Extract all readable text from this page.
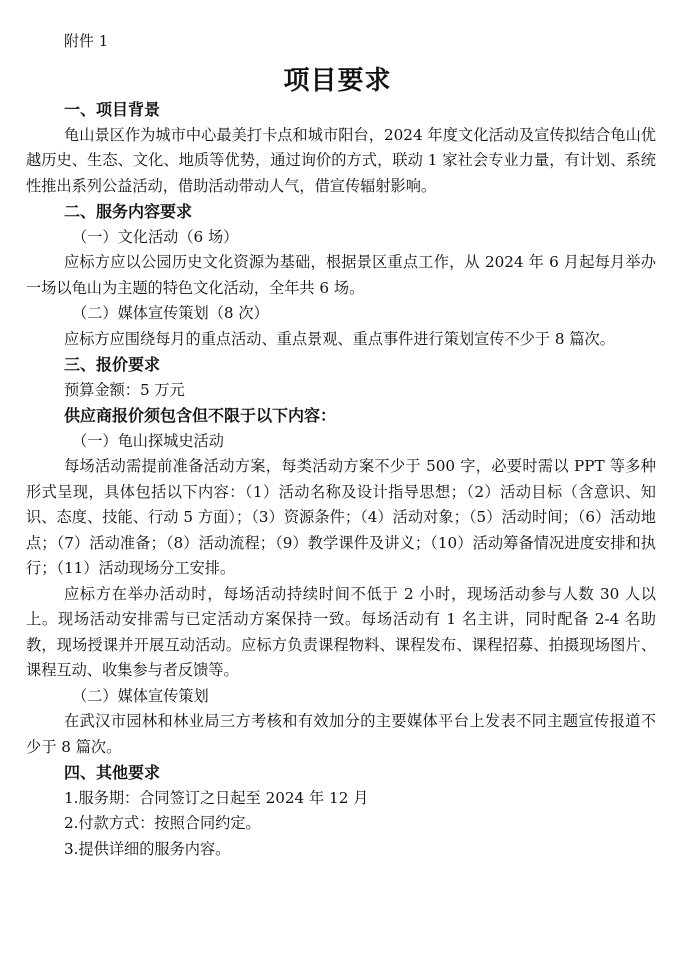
附件 1
项目要求
一、项目背景

龟山景区作为城市中心最美打卡点和城市阳台，2024 年度文化活动及宣传拟结合龟山优越历史、生态、文化、地质等优势，通过询价的方式，联动 1 家社会专业力量，有计划、系统性推出系列公益活动，借助活动带动人气，借宣传辐射影响。

二、服务内容要求
（一）文化活动（6 场）

应标方应以公园历史文化资源为基础，根据景区重点工作，从 2024 年 6 月起每月举办一场以龟山为主题的特色文化活动，全年共 6 场。

（二）媒体宣传策划（8 次）

应标方应围绕每月的重点活动、重点景观、重点事件进行策划宣传不少于 8 篇次。

三、报价要求
预算金额：5 万元
供应商报价须包含但不限于以下内容：
（一）龟山探城史活动

每场活动需提前准备活动方案，每类活动方案不少于 500 字，必要时需以 PPT 等多种形式呈现，具体包括以下内容：（1）活动名称及设计指导思想；（2）活动目标（含意识、知识、态度、技能、行动 5 方面）；（3）资源条件；（4）活动对象；（5）活动时间；（6）活动地点；（7）活动准备；（8）活动流程；（9）教学课件及讲义；（10）活动筹备情况进度安排和执行；（11）活动现场分工安排。

应标方在举办活动时，每场活动持续时间不低于 2 小时，现场活动参与人数 30 人以上。现场活动安排需与已定活动方案保持一致。每场活动有 1 名主讲，同时配备 2-4 名助教，现场授课并开展互动活动。应标方负责课程物料、课程发布、课程招募、拍摄现场图片、课程互动、收集参与者反馈等。

（二）媒体宣传策划

在武汉市园林和林业局三方考核和有效加分的主要媒体平台上发表不同主题宣传报道不少于 8 篇次。

四、其他要求
1.服务期：合同签订之日起至 2024 年 12 月
2.付款方式：按照合同约定。
3.提供详细的服务内容。
